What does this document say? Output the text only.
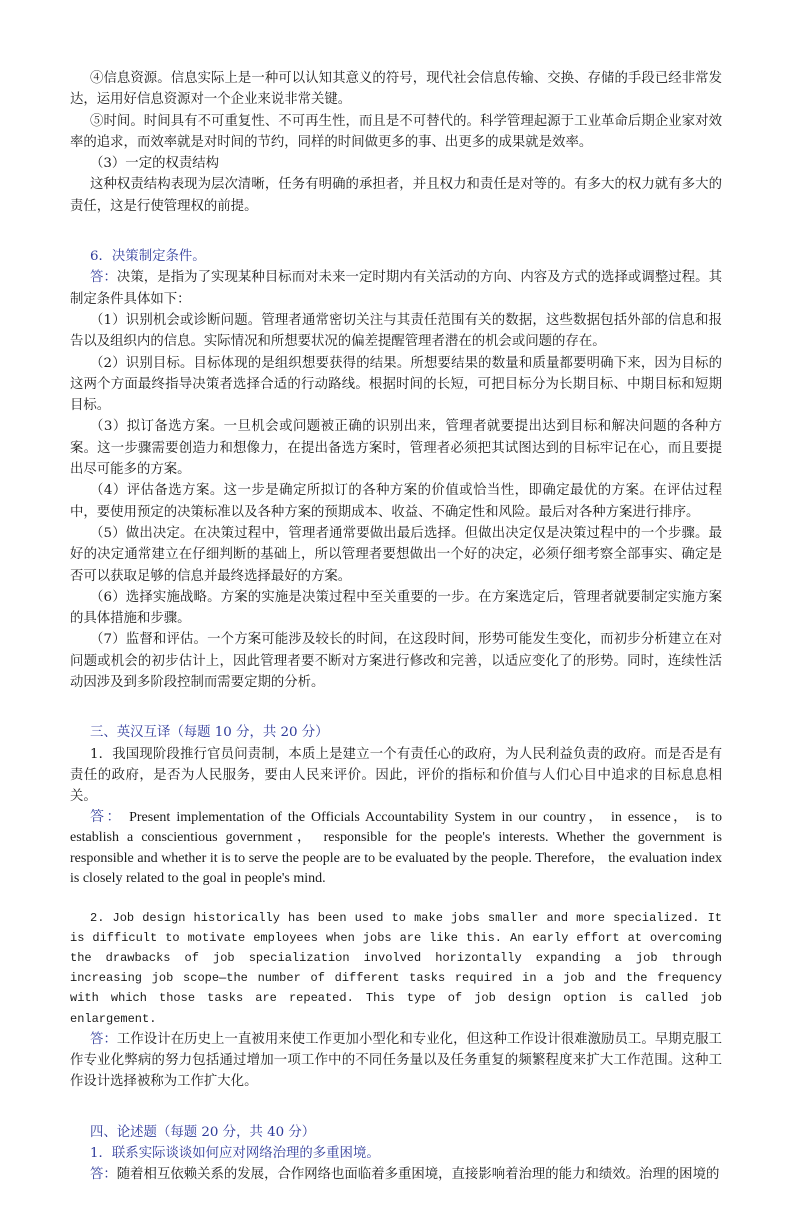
④信息资源。信息实际上是一种可以认知其意义的符号，现代社会信息传输、交换、存储的手段已经非常发达，运用好信息资源对一个企业来说非常关键。

⑤时间。时间具有不可重复性、不可再生性，而且是不可替代的。科学管理起源于工业革命后期企业家对效率的追求，而效率就是对时间的节约，同样的时间做更多的事、出更多的成果就是效率。

（3）一定的权责结构

这种权责结构表现为层次清晰，任务有明确的承担者，并且权力和责任是对等的。有多大的权力就有多大的责任，这是行使管理权的前提。

6．决策制定条件。

答：决策，是指为了实现某种目标而对未来一定时期内有关活动的方向、内容及方式的选择或调整过程。其制定条件具体如下：

（1）识别机会或诊断问题。管理者通常密切关注与其责任范围有关的数据，这些数据包括外部的信息和报告以及组织内的信息。实际情况和所想要状况的偏差提醒管理者潜在的机会或问题的存在。

（2）识别目标。目标体现的是组织想要获得的结果。所想要结果的数量和质量都要明确下来，因为目标的这两个方面最终指导决策者选择合适的行动路线。根据时间的长短，可把目标分为长期目标、中期目标和短期目标。

（3）拟订备选方案。一旦机会或问题被正确的识别出来，管理者就要提出达到目标和解决问题的各种方案。这一步骤需要创造力和想像力，在提出备选方案时，管理者必须把其试图达到的目标牢记在心，而且要提出尽可能多的方案。

（4）评估备选方案。这一步是确定所拟订的各种方案的价值或恰当性，即确定最优的方案。在评估过程中，要使用预定的决策标准以及各种方案的预期成本、收益、不确定性和风险。最后对各种方案进行排序。

（5）做出决定。在决策过程中，管理者通常要做出最后选择。但做出决定仅是决策过程中的一个步骤。最好的决定通常建立在仔细判断的基础上，所以管理者要想做出一个好的决定，必须仔细考察全部事实、确定是否可以获取足够的信息并最终选择最好的方案。

（6）选择实施战略。方案的实施是决策过程中至关重要的一步。在方案选定后，管理者就要制定实施方案的具体措施和步骤。

（7）监督和评估。一个方案可能涉及较长的时间，在这段时间，形势可能发生变化，而初步分析建立在对问题或机会的初步估计上，因此管理者要不断对方案进行修改和完善，以适应变化了的形势。同时，连续性活动因涉及到多阶段控制而需要定期的分析。

三、英汉互译（每题 10 分，共 20 分）

1．我国现阶段推行官员问责制，本质上是建立一个有责任心的政府，为人民利益负责的政府。而是否是有责任的政府，是否为人民服务，要由人民来评价。因此，评价的指标和价值与人们心目中追求的目标息息相关。

答： Present implementation of the Officials Accountability System in our country， in essence， is to establish a conscientious government， responsible for the people's interests. Whether the government is responsible and whether it is to serve the people are to be evaluated by the people. Therefore， the evaluation index is closely related to the goal in people's mind.

2. Job design historically has been used to make jobs smaller and more specialized. It is difficult to motivate employees when jobs are like this. An early effort at overcoming the drawbacks of job specialization involved horizontally expanding a job through increasing job scope—the number of different tasks required in a job and the frequency with which those tasks are repeated. This type of job design option is called job enlargement.

答：工作设计在历史上一直被用来使工作更加小型化和专业化，但这种工作设计很难激励员工。早期克服工作专业化弊病的努力包括通过增加一项工作中的不同任务量以及任务重复的频繁程度来扩大工作范围。这种工作设计选择被称为工作扩大化。

四、论述题（每题 20 分，共 40 分）

1．联系实际谈谈如何应对网络治理的多重困境。

答：随着相互依赖关系的发展，合作网络也面临着多重困境，直接影响着治理的能力和绩效。治理的困境的
